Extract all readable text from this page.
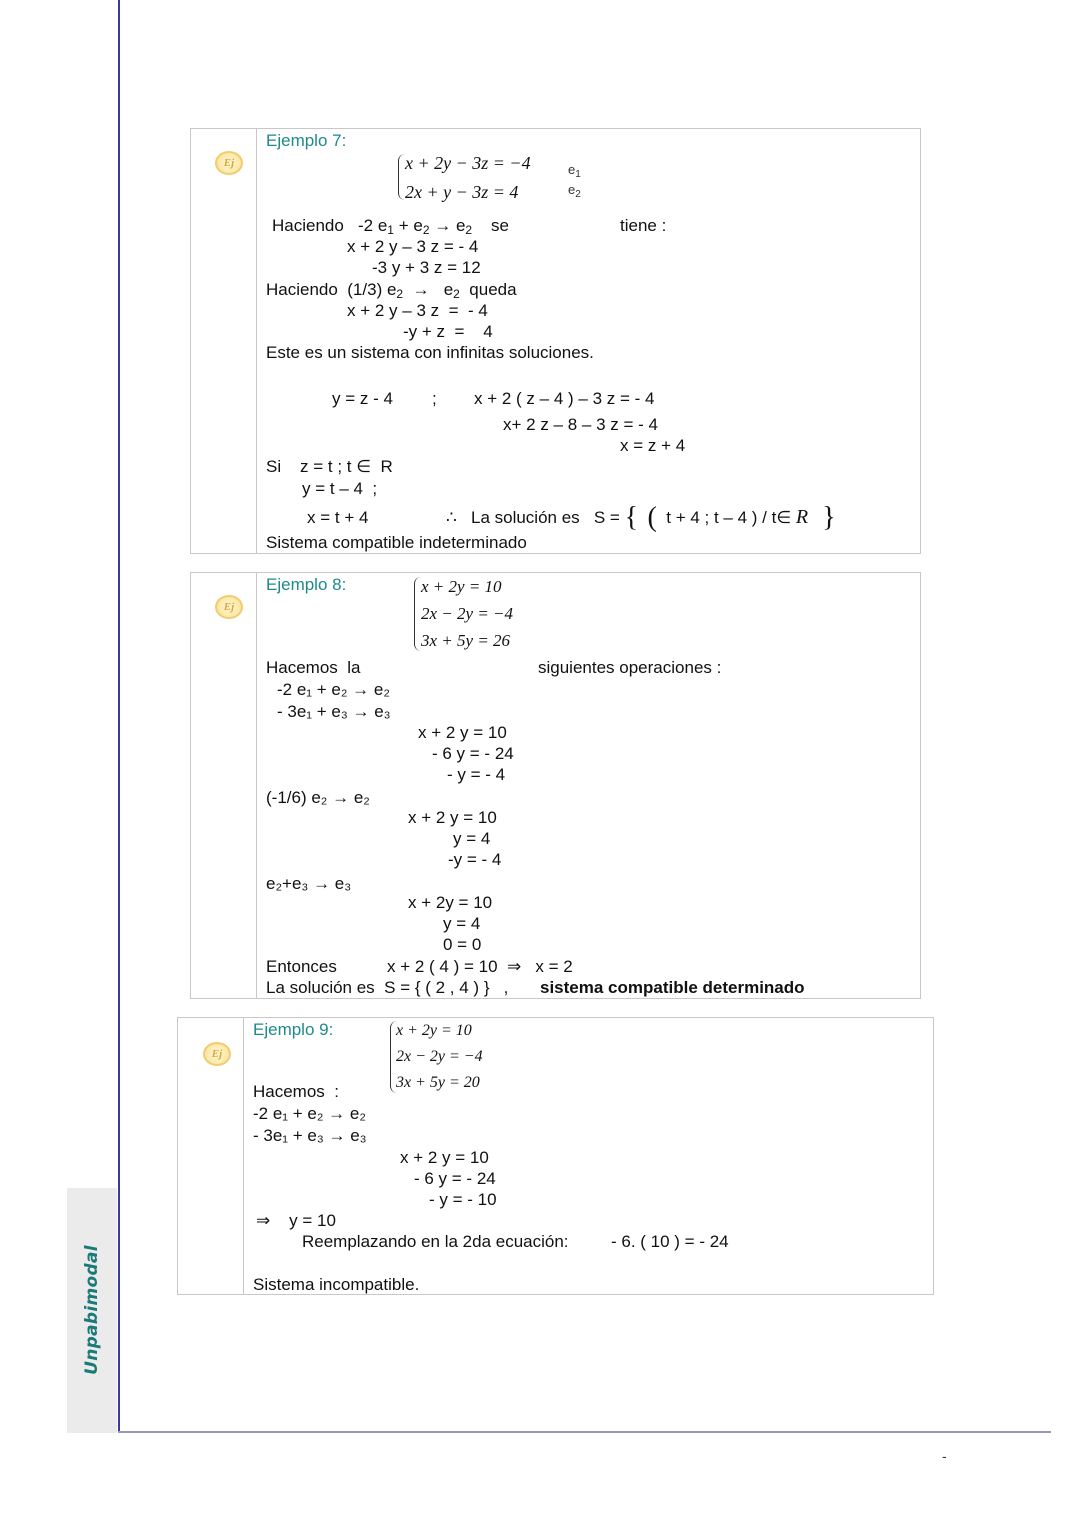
Unpabimodal
-
Ej
Ejemplo 7:
x + 2y − 3z = −4
2x + y − 3z = 4
$e_1$
$e_2$
Haciendo   -2 $e_1 + e_2 \to e_2$    se	tiene :
x + 2 y – 3 z = - 4
-3 y + 3 z = 12
Haciendo  (1/3) $e_2 \to e_2$  queda
x + 2 y – 3 z  =  - 4
-y + z  =    4
Este es un sistema con infinitas soluciones.
y = z - 4 ; x + 2 ( z – 4 ) – 3 z = - 4
x+ 2 z – 8 – 3 z = - 4
x = z + 4
Si    z = t ; t ∈  R
y = t – 4  ;
x = t + 4	∴   La solución es   S = { (  t + 4 ; t – 4 ) / t∈ R }
Sistema compatible indeterminado
Ej
Ejemplo 8:	x + 2y = 10
2x − 2y = −4
3x + 5y = 26
Hacemos  la	siguientes operaciones :
-2 e₁ + e₂ → e₂
- 3e₁ + e₃ → e₃
x + 2 y = 10
- 6 y = - 24
- y = - 4
(-1/6) e₂ → e₂
x + 2 y = 10
y = 4
-y = - 4
e₂+e₃ → e₃
x + 2y = 10
y = 4
0 = 0
Entonces	x + 2 ( 4 ) = 10  ⇒   x = 2
La solución es  S = { ( 2 , 4 ) }   , sistema compatible determinado
Ej
Ejemplo 9:	x + 2y = 10
2x − 2y = −4
3x + 5y = 20
Hacemos  :
-2 e₁ + e₂ → e₂
- 3e₁ + e₃ → e₃
x + 2 y = 10
- 6 y = - 24
- y = - 10
⇒    y = 10
Reemplazando en la 2da ecuación: - 6. ( 10 ) = - 24
Sistema incompatible.
